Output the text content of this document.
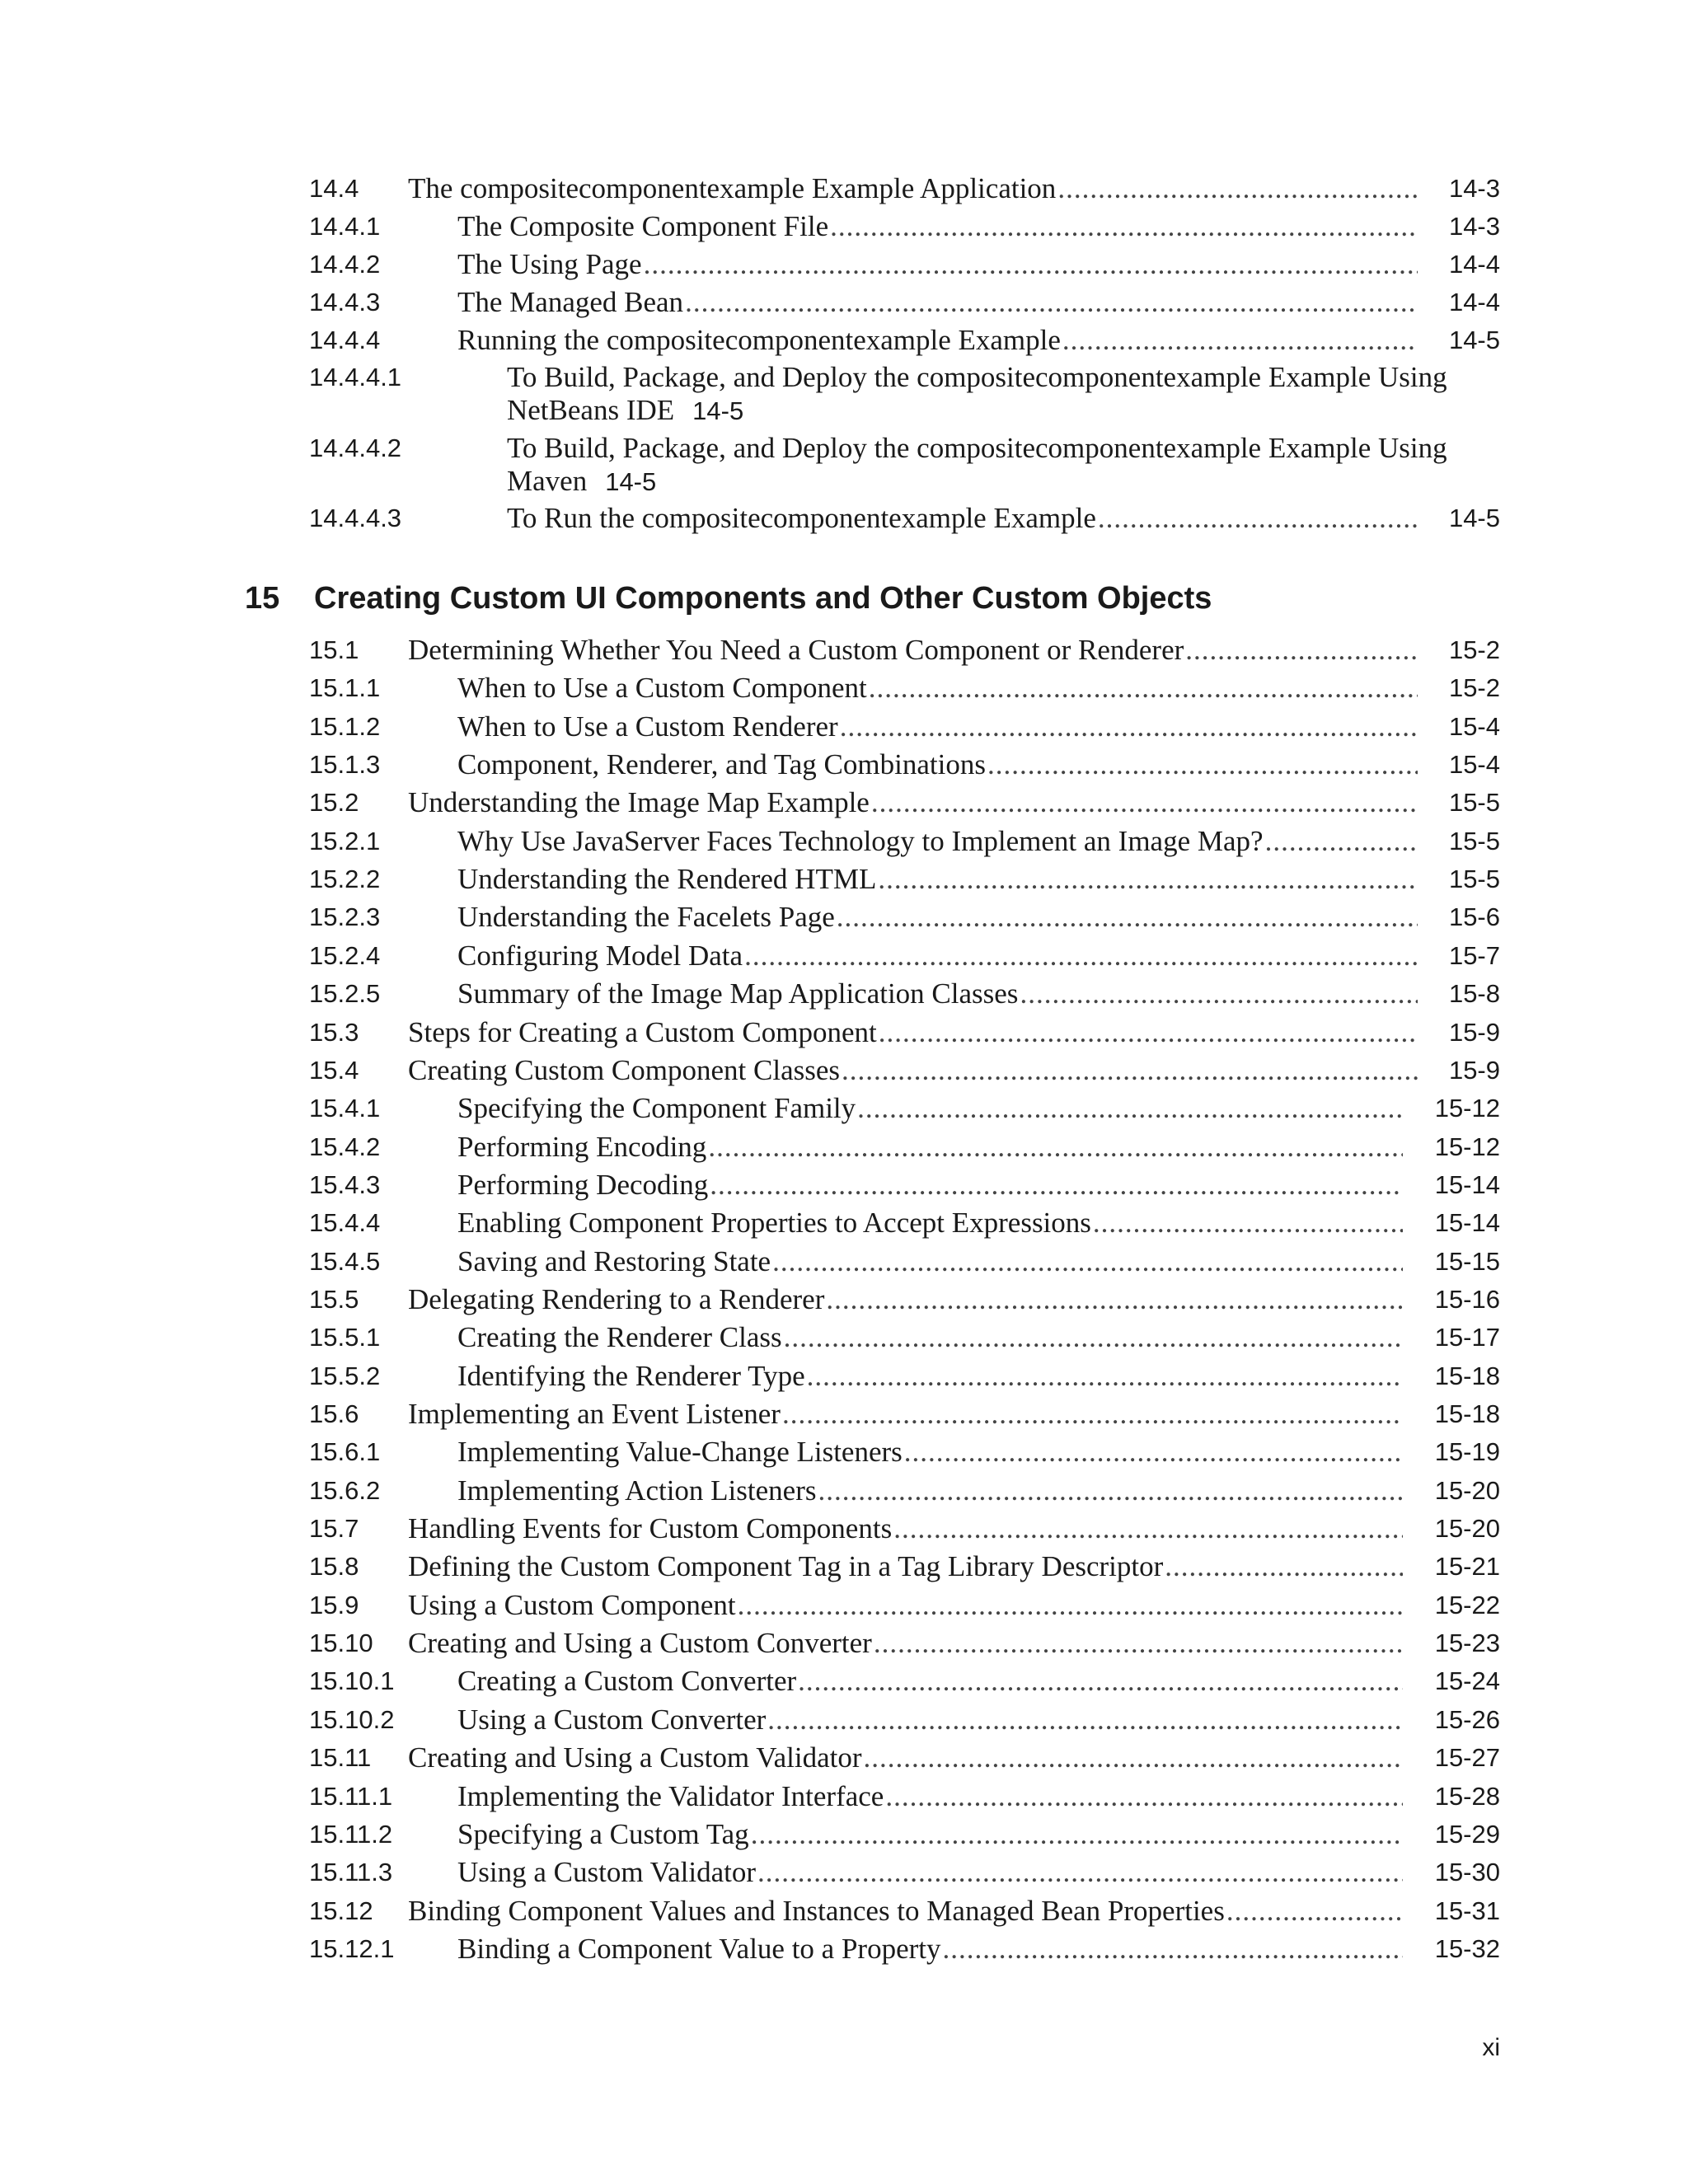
14.4 The compositecomponentexample Example Application .....	14-3
14.4.1	The Composite Component File .....	14-3
14.4.2	The Using Page .....	14-4
14.4.3	The Managed Bean .....	14-4
14.4.4	Running the compositecomponentexample Example .....	14-5
14.4.4.1	To Build, Package, and Deploy the compositecomponentexample Example Using NetBeans IDE 14-5
14.4.4.2	To Build, Package, and Deploy the compositecomponentexample Example Using Maven 14-5
14.4.4.3	To Run the compositecomponentexample Example .....	14-5
15 Creating Custom UI Components and Other Custom Objects
15.1 Determining Whether You Need a Custom Component or Renderer .....	15-2
15.1.1	When to Use a Custom Component .....	15-2
15.1.2	When to Use a Custom Renderer .....	15-4
15.1.3	Component, Renderer, and Tag Combinations .....	15-4
15.2 Understanding the Image Map Example .....	15-5
15.2.1	Why Use JavaServer Faces Technology to Implement an Image Map? .....	15-5
15.2.2	Understanding the Rendered HTML .....	15-5
15.2.3	Understanding the Facelets Page .....	15-6
15.2.4	Configuring Model Data .....	15-7
15.2.5	Summary of the Image Map Application Classes .....	15-8
15.3 Steps for Creating a Custom Component .....	15-9
15.4 Creating Custom Component Classes .....	15-9
15.4.1	Specifying the Component Family .....	15-12
15.4.2	Performing Encoding .....	15-12
15.4.3	Performing Decoding .....	15-14
15.4.4	Enabling Component Properties to Accept Expressions .....	15-14
15.4.5	Saving and Restoring State .....	15-15
15.5 Delegating Rendering to a Renderer .....	15-16
15.5.1	Creating the Renderer Class .....	15-17
15.5.2	Identifying the Renderer Type .....	15-18
15.6 Implementing an Event Listener .....	15-18
15.6.1	Implementing Value-Change Listeners .....	15-19
15.6.2	Implementing Action Listeners .....	15-20
15.7 Handling Events for Custom Components .....	15-20
15.8 Defining the Custom Component Tag in a Tag Library Descriptor .....	15-21
15.9 Using a Custom Component .....	15-22
15.10 Creating and Using a Custom Converter .....	15-23
15.10.1 Creating a Custom Converter .....	15-24
15.10.2 Using a Custom Converter .....	15-26
15.11 Creating and Using a Custom Validator .....	15-27
15.11.1 Implementing the Validator Interface .....	15-28
15.11.2 Specifying a Custom Tag .....	15-29
15.11.3 Using a Custom Validator .....	15-30
15.12 Binding Component Values and Instances to Managed Bean Properties .....	15-31
15.12.1 Binding a Component Value to a Property .....	15-32
xi
